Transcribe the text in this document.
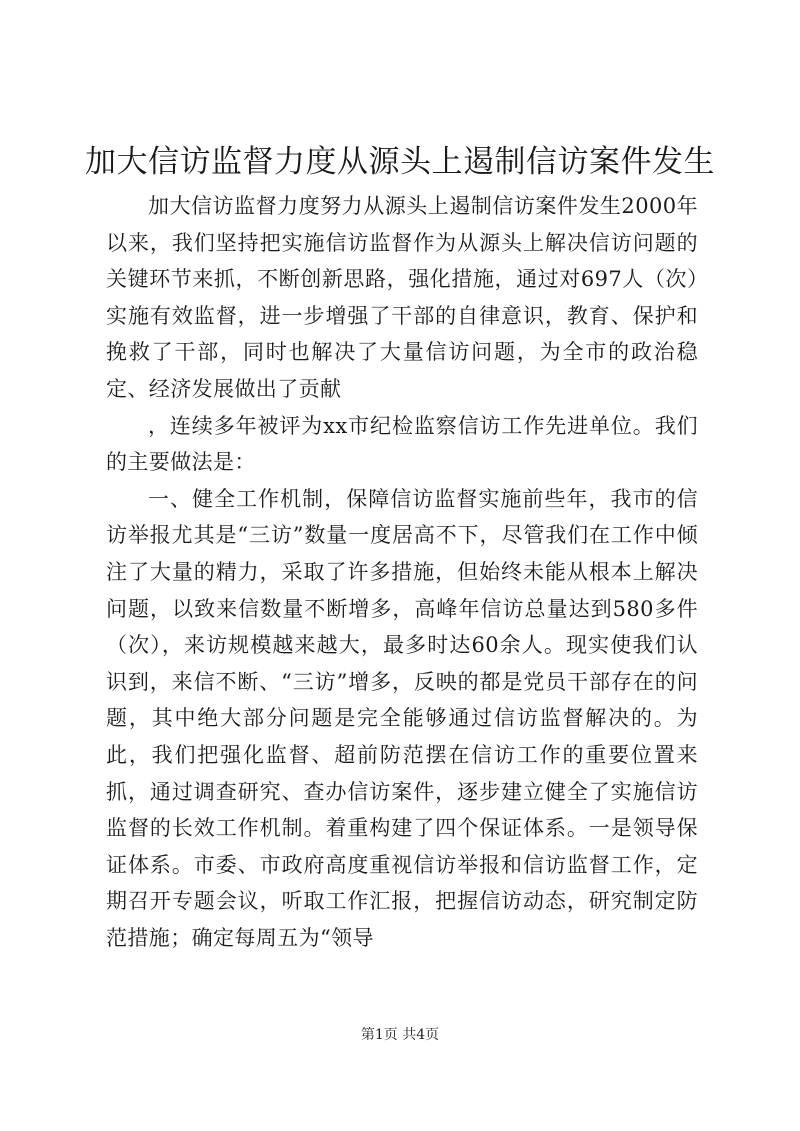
加大信访监督力度从源头上遏制信访案件发生

加大信访监督力度努力从源头上遏制信访案件发生2000年以来，我们坚持把实施信访监督作为从源头上解决信访问题的关键环节来抓，不断创新思路，强化措施，通过对697人（次）实施有效监督，进一步增强了干部的自律意识，教育、保护和挽救了干部，同时也解决了大量信访问题，为全市的政治稳定、经济发展做出了贡献

，连续多年被评为xx市纪检监察信访工作先进单位。我们的主要做法是：

一、健全工作机制，保障信访监督实施前些年，我市的信访举报尤其是“三访”数量一度居高不下，尽管我们在工作中倾注了大量的精力，采取了许多措施，但始终未能从根本上解决问题，以致来信数量不断增多，高峰年信访总量达到580多件（次），来访规模越来越大，最多时达60余人。现实使我们认识到，来信不断、“三访”增多，反映的都是党员干部存在的问题，其中绝大部分问题是完全能够通过信访监督解决的。为此，我们把强化监督、超前防范摆在信访工作的重要位置来抓，通过调查研究、查办信访案件，逐步建立健全了实施信访监督的长效工作机制。着重构建了四个保证体系。一是领导保证体系。市委、市政府高度重视信访举报和信访监督工作，定期召开专题会议，听取工作汇报，把握信访动态，研究制定防范措施；确定每周五为“领导

第1页 共4页
